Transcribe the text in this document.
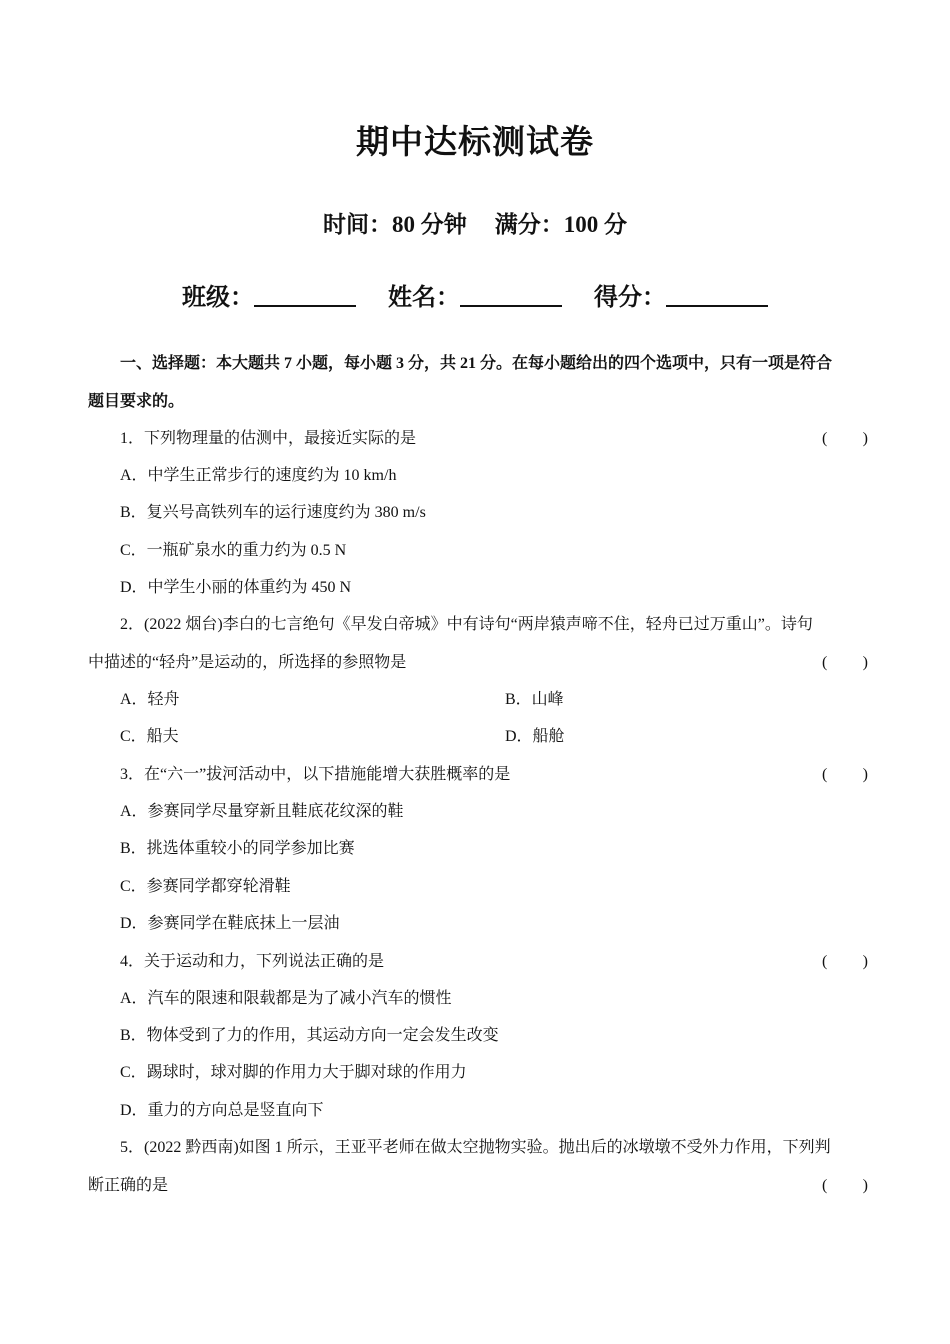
期中达标测试卷
时间：80 分钟 满分：100 分
班级：	姓名：	得分：
一、选择题：本大题共 7 小题，每小题 3 分，共 21 分。在每小题给出的四个选项中，只有一项是符合
题目要求的。
1．下列物理量的估测中，最接近实际的是	( )
A．中学生正常步行的速度约为 10 km/h
B．复兴号高铁列车的运行速度约为 380 m/s
C．一瓶矿泉水的重力约为 0.5 N
D．中学生小丽的体重约为 450 N
2．(2022 烟台)李白的七言绝句《早发白帝城》中有诗句“两岸猿声啼不住，轻舟已过万重山”。诗句
中描述的“轻舟”是运动的，所选择的参照物是	( )
A．轻舟	B．山峰
C．船夫	D．船舱
3．在“六一”拔河活动中，以下措施能增大获胜概率的是	( )
A．参赛同学尽量穿新且鞋底花纹深的鞋
B．挑选体重较小的同学参加比赛
C．参赛同学都穿轮滑鞋
D．参赛同学在鞋底抹上一层油
4．关于运动和力，下列说法正确的是	( )
A．汽车的限速和限载都是为了减小汽车的惯性
B．物体受到了力的作用，其运动方向一定会发生改变
C．踢球时，球对脚的作用力大于脚对球的作用力
D．重力的方向总是竖直向下
5．(2022 黔西南)如图 1 所示，王亚平老师在做太空抛物实验。抛出后的冰墩墩不受外力作用，下列判
断正确的是	( )
